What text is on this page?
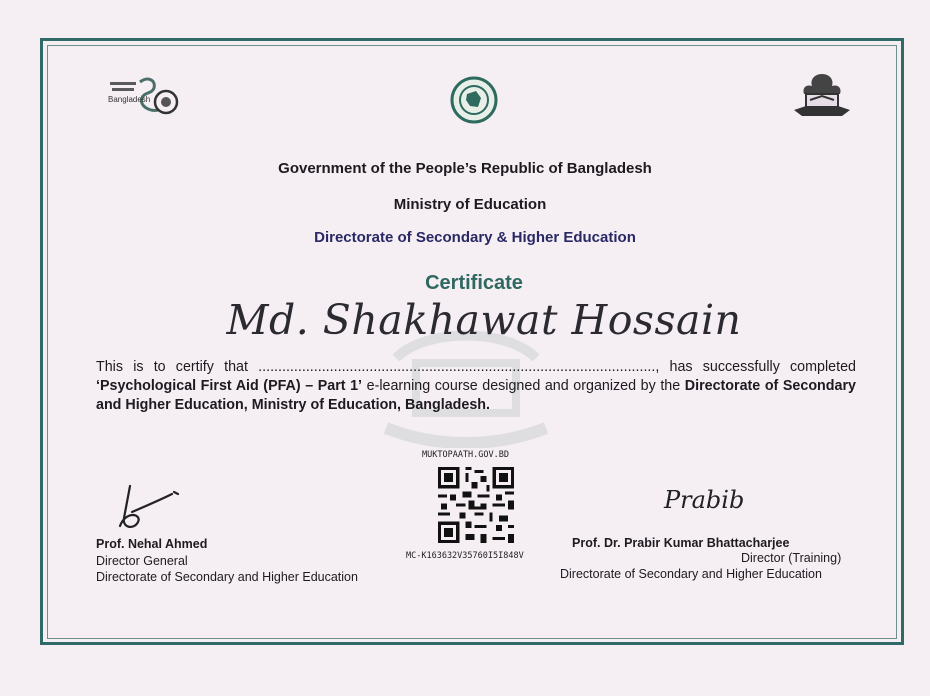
Bangladesh
Government of the People’s Republic of Bangladesh
Ministry of Education
Directorate of Secondary & Higher Education
Certificate
Md. Shakhawat Hossain
This is to certify that ...................................................................................................., has successfully completed ‘Psychological First Aid (PFA) – Part 1’ e-learning course designed and organized by the Directorate of Secondary and Higher Education, Ministry of Education, Bangladesh.
MUKTOPAATH.GOV.BD
MC-K163632V35760I5I848V
Prof. Nehal Ahmed
Director General
Directorate of Secondary and Higher Education
Prabib
Prof. Dr. Prabir Kumar Bhattacharjee
Director (Training)
Directorate of Secondary and Higher Education
